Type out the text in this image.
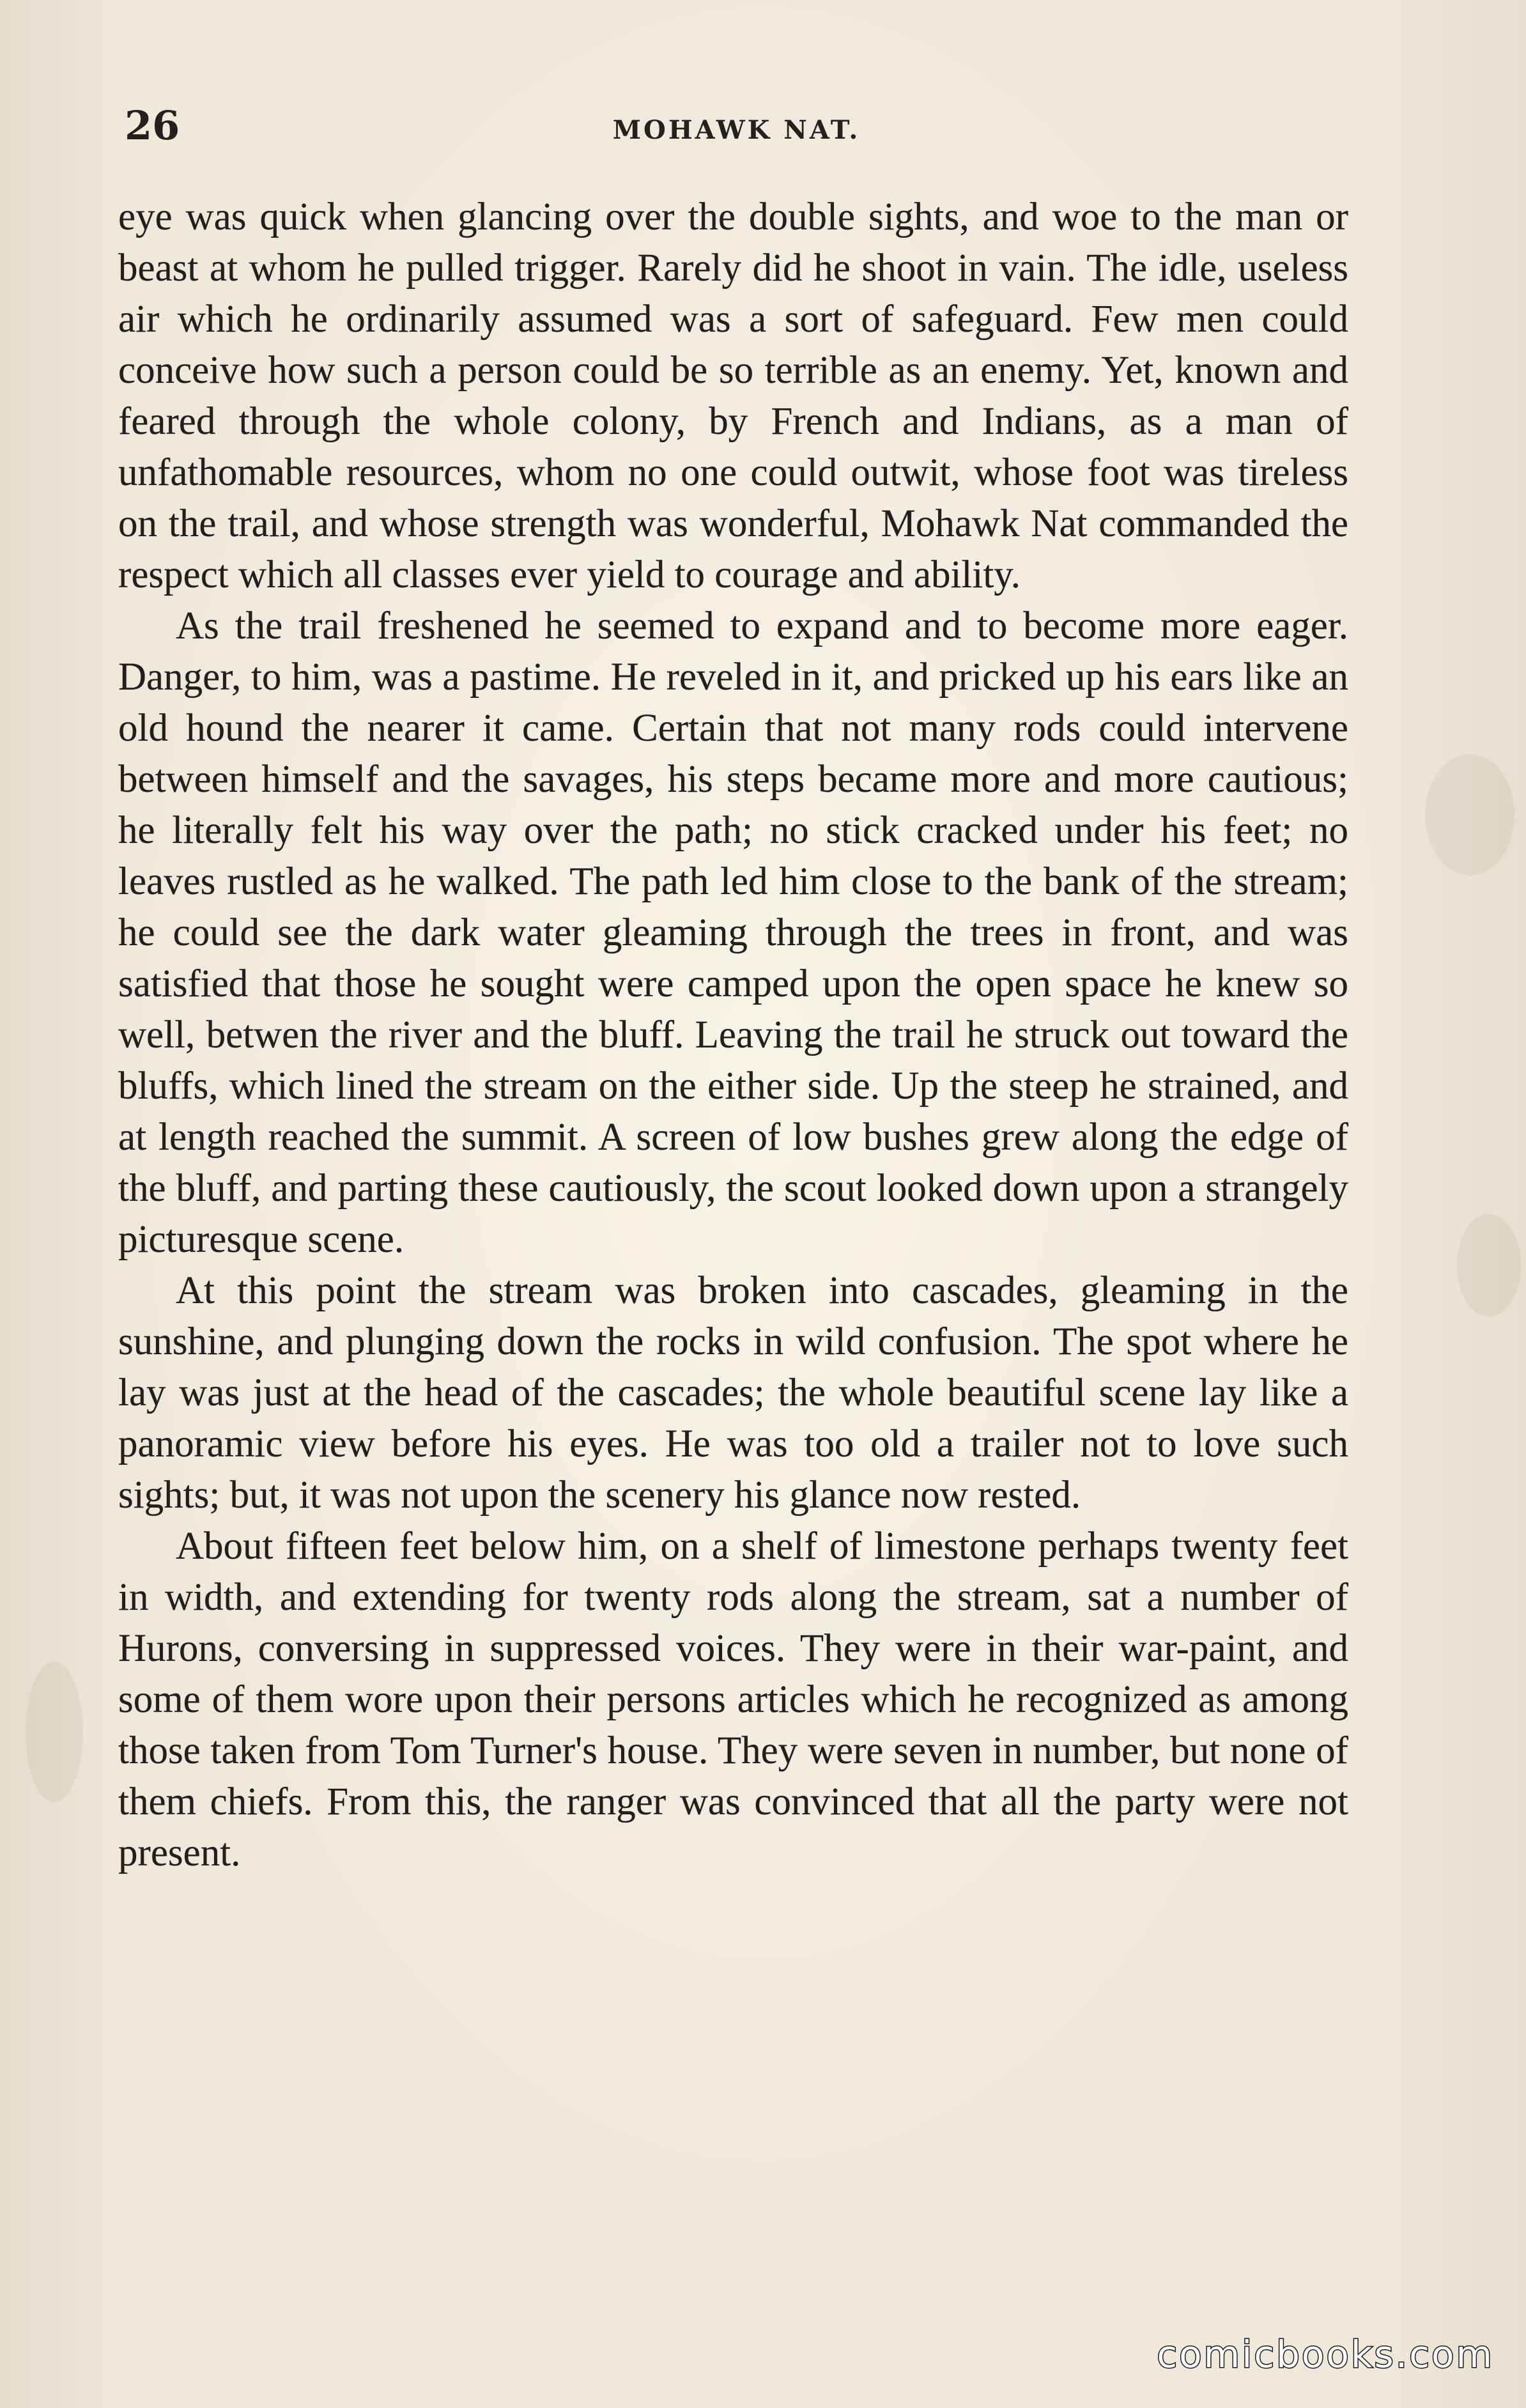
26	MOHAWK NAT.

eye was quick when glancing over the double sights, and woe to the man or beast at whom he pulled trigger. Rarely did he shoot in vain. The idle, useless air which he ordinarily assumed was a sort of safeguard. Few men could conceive how such a person could be so terrible as an enemy. Yet, known and feared through the whole colony, by French and Indians, as a man of unfathomable resources, whom no one could outwit, whose foot was tireless on the trail, and whose strength was wonderful, Mohawk Nat commanded the respect which all classes ever yield to courage and ability.

As the trail freshened he seemed to expand and to become more eager. Danger, to him, was a pastime. He reveled in it, and pricked up his ears like an old hound the nearer it came. Certain that not many rods could intervene between himself and the savages, his steps became more and more cautious; he literally felt his way over the path; no stick cracked under his feet; no leaves rustled as he walked. The path led him close to the bank of the stream; he could see the dark water gleaming through the trees in front, and was satisfied that those he sought were camped upon the open space he knew so well, betwen the river and the bluff. Leaving the trail he struck out toward the bluffs, which lined the stream on the either side. Up the steep he strained, and at length reached the summit. A screen of low bushes grew along the edge of the bluff, and parting these cautiously, the scout looked down upon a strangely picturesque scene.

At this point the stream was broken into cascades, gleaming in the sunshine, and plunging down the rocks in wild confusion. The spot where he lay was just at the head of the cascades; the whole beautiful scene lay like a panoramic view before his eyes. He was too old a trailer not to love such sights; but, it was not upon the scenery his glance now rested.

About fifteen feet below him, on a shelf of limestone perhaps twenty feet in width, and extending for twenty rods along the stream, sat a number of Hurons, conversing in suppressed voices. They were in their war-paint, and some of them wore upon their persons articles which he recognized as among those taken from Tom Turner's house. They were seven in number, but none of them chiefs. From this, the ranger was convinced that all the party were not present.

comicbooks.com
